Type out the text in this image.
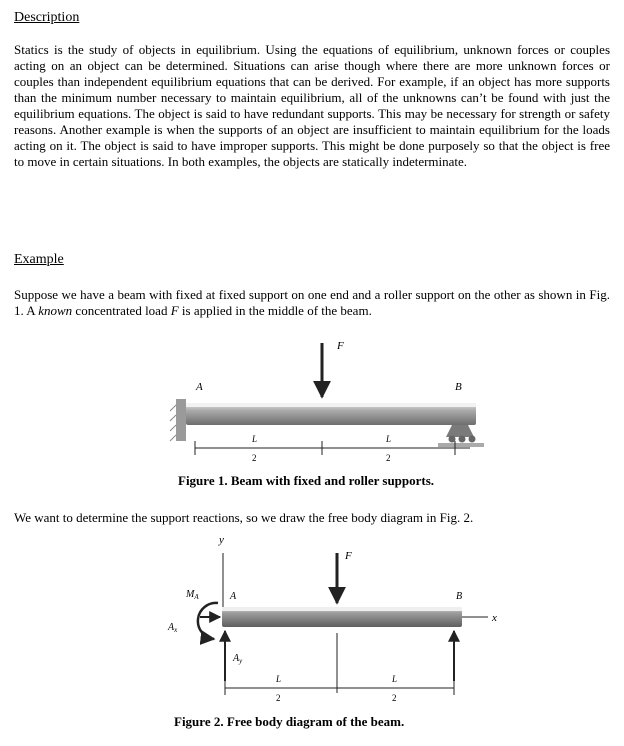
Description

Statics is the study of objects in equilibrium. Using the equations of equilibrium, unknown forces or couples acting on an object can be determined. Situations can arise though where there are more unknown forces or couples than independent equilibrium equations that can be derived. For example, if an object has more supports than the minimum number necessary to maintain equilibrium, all of the unknowns can’t be found with just the equilibrium equations. The object is said to have redundant supports. This may be necessary for strength or safety reasons. Another example is when the supports of an object are insufficient to maintain equilibrium for the loads acting on it. The object is said to have improper supports. This might be done purposely so that the object is free to move in certain situations. In both examples, the objects are statically indeterminate.

Example

Suppose we have a beam with fixed at fixed support on one end and a roller support on the other as shown in Fig. 1. A known concentrated load F is applied in the middle of the beam.

F
A	B
L
2
L
2
Figure 1. Beam with fixed and roller supports.

We want to determine the support reactions, so we draw the free body diagram in Fig. 2.

y
x
F
$M_A$	A	B
$A_x$
$A_y$
L
2
L
2
Figure 2. Free body diagram of the beam.
